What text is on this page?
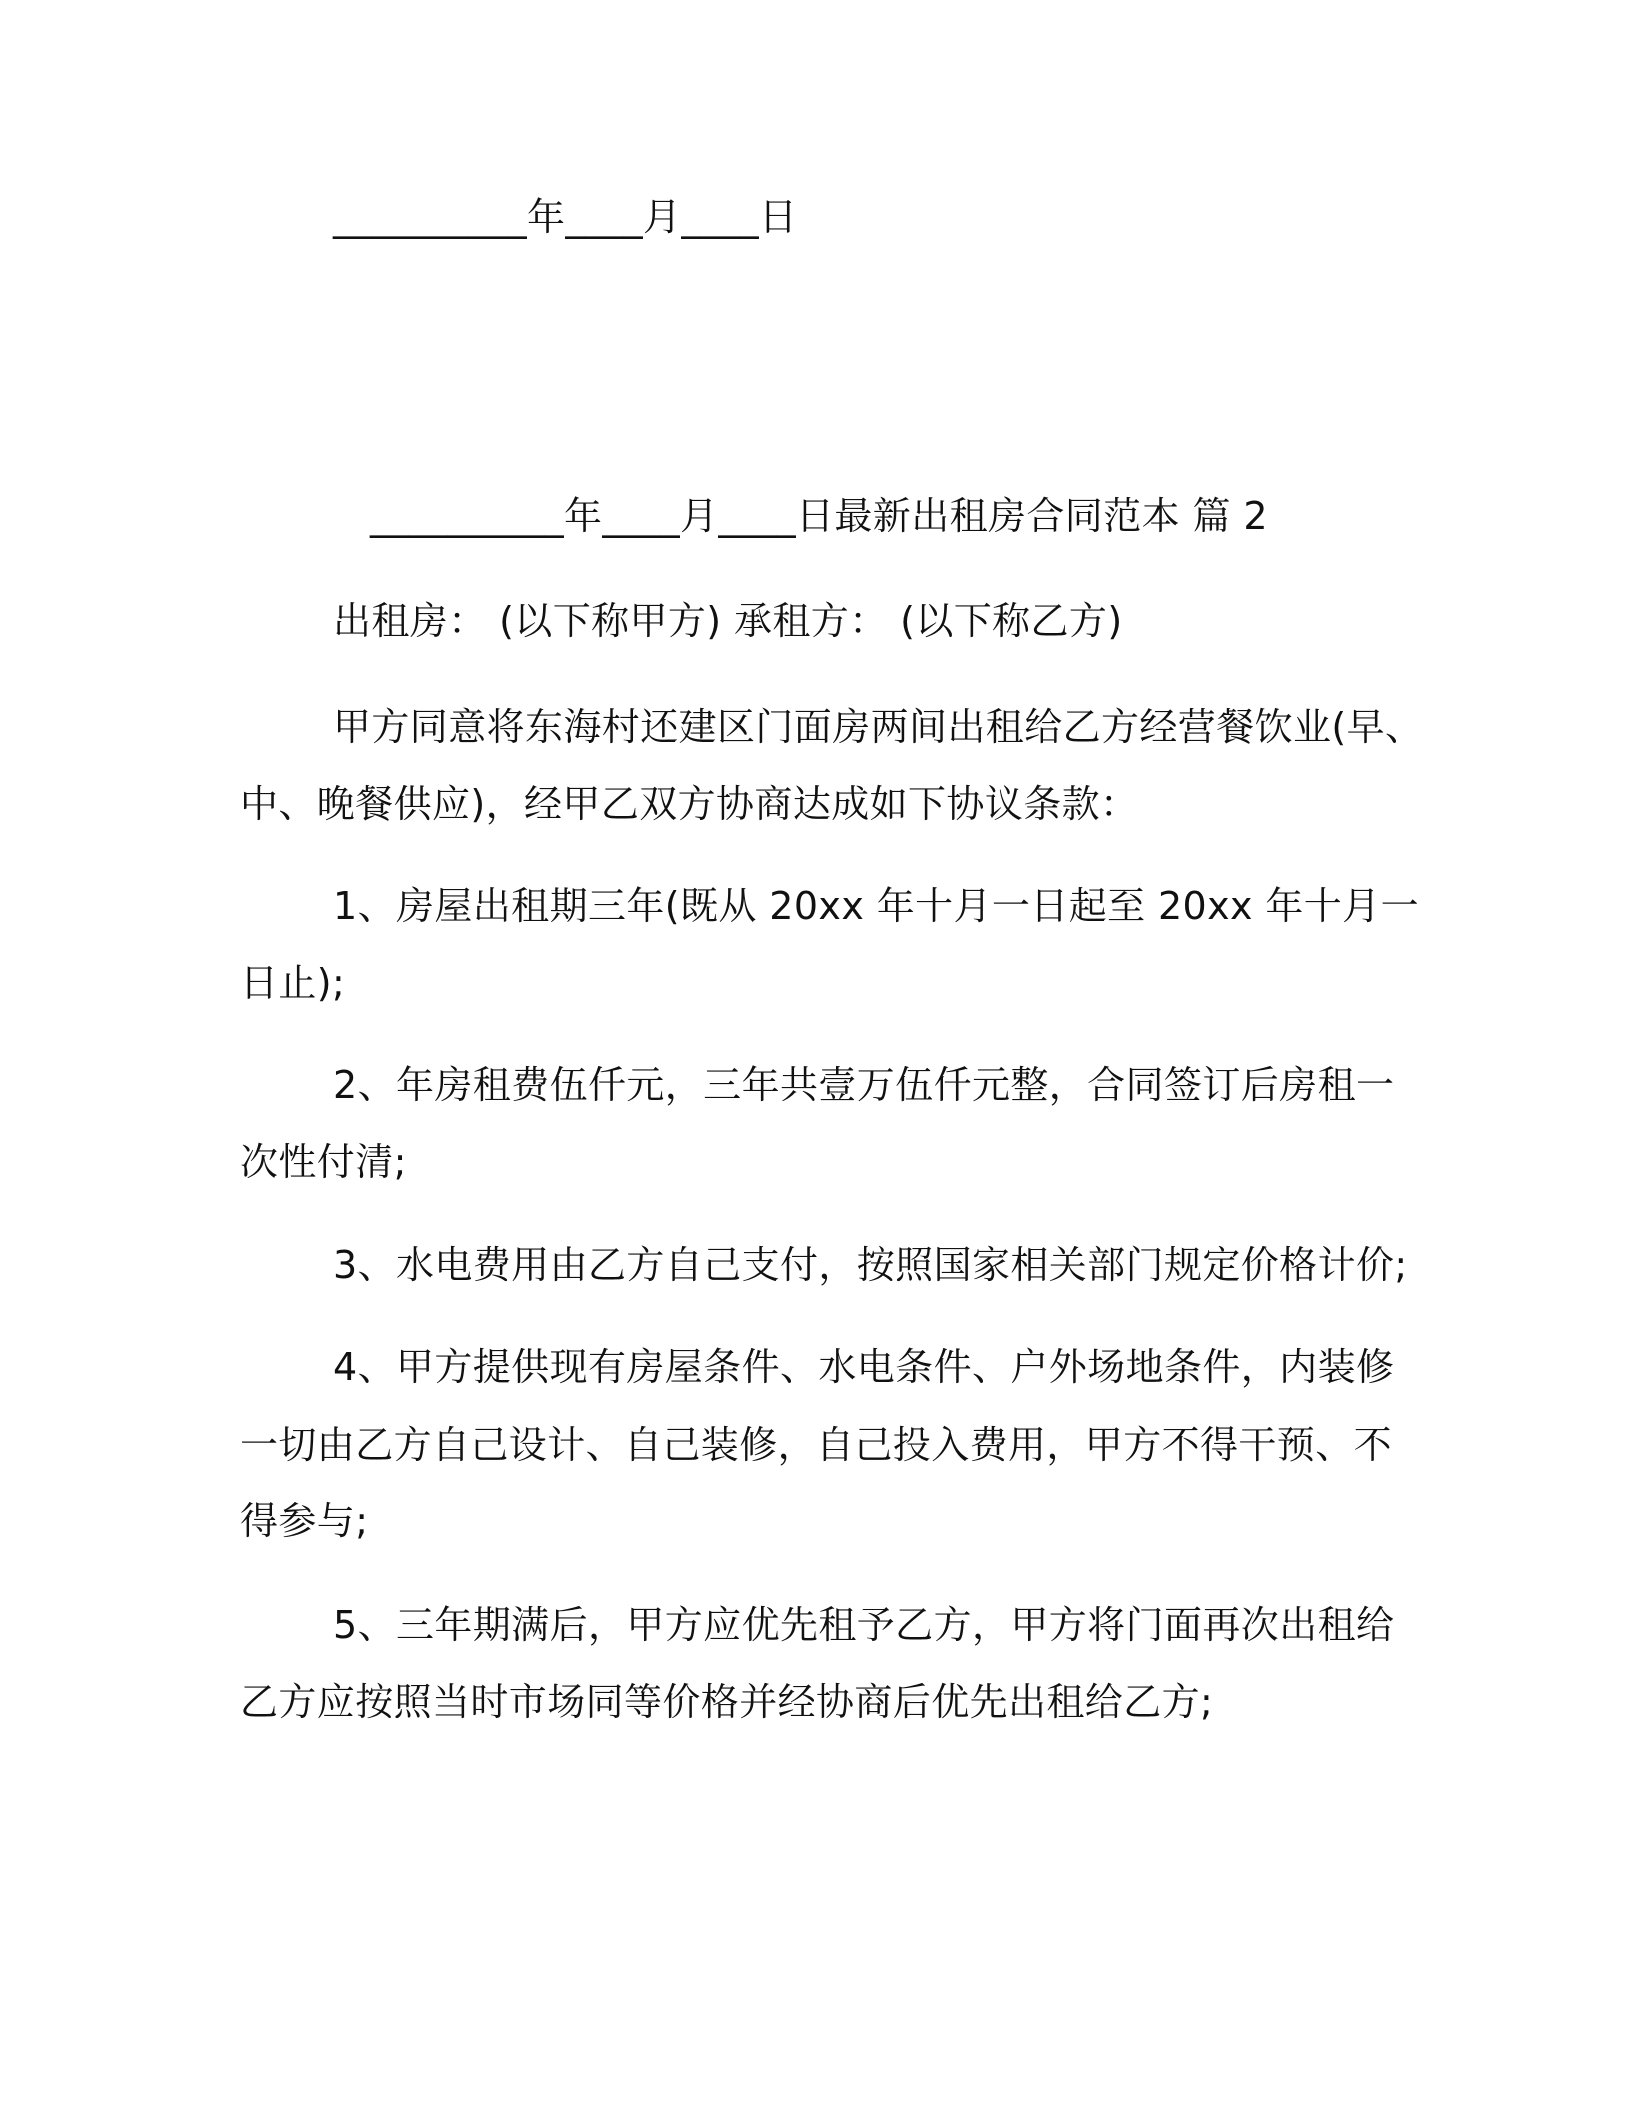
__________年____月____日
__________年____月____日最新出租房合同范本 篇 2
出租房： (以下称甲方) 承租方： (以下称乙方)
甲方同意将东海村还建区门面房两间出租给乙方经营餐饮业(早、
中、晚餐供应)，经甲乙双方协商达成如下协议条款：
1、房屋出租期三年(既从 20xx 年十月一日起至 20xx 年十月一
日止);
2、年房租费伍仟元，三年共壹万伍仟元整，合同签订后房租一
次性付清;
3、水电费用由乙方自己支付，按照国家相关部门规定价格计价;
4、甲方提供现有房屋条件、水电条件、户外场地条件，内装修
一切由乙方自己设计、自己装修，自己投入费用，甲方不得干预、不
得参与;
5、三年期满后，甲方应优先租予乙方，甲方将门面再次出租给
乙方应按照当时市场同等价格并经协商后优先出租给乙方;
